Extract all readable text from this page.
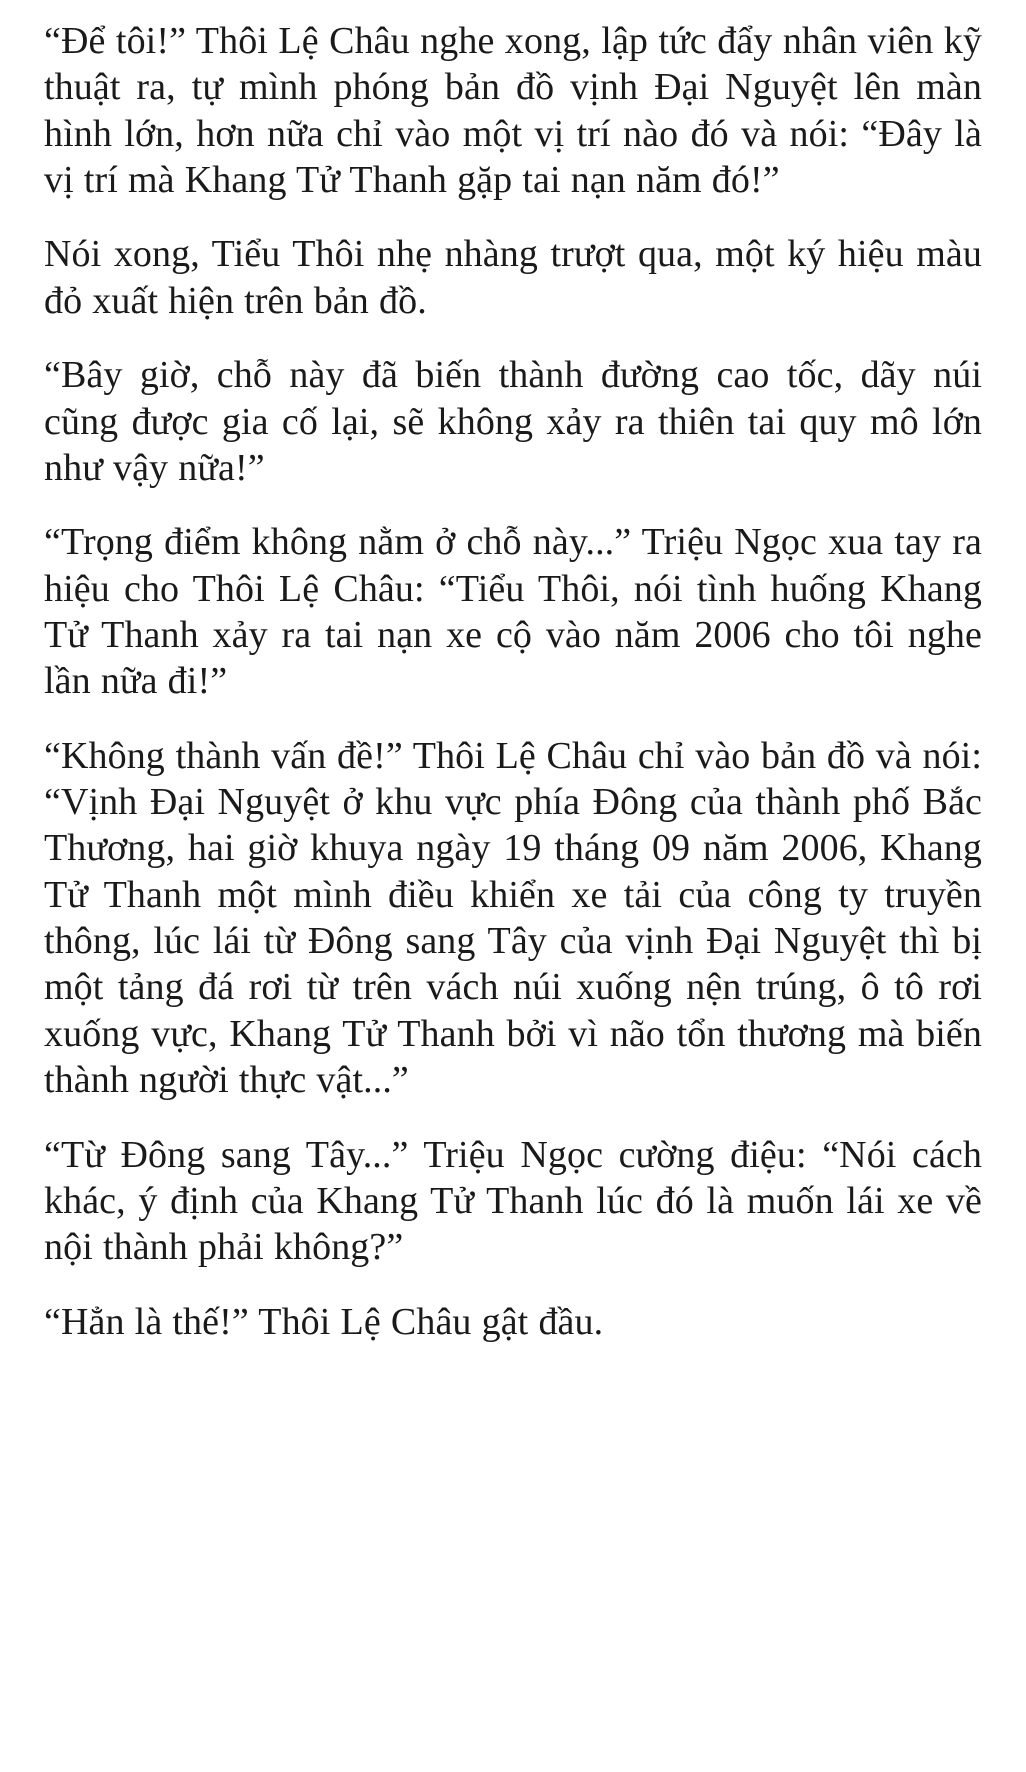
“Để tôi!” Thôi Lệ Châu nghe xong, lập tức đẩy nhân viên kỹ thuật ra, tự mình phóng bản đồ vịnh Đại Nguyệt lên màn hình lớn, hơn nữa chỉ vào một vị trí nào đó và nói: “Đây là vị trí mà Khang Tử Thanh gặp tai nạn năm đó!”

Nói xong, Tiểu Thôi nhẹ nhàng trượt qua, một ký hiệu màu đỏ xuất hiện trên bản đồ.

“Bây giờ, chỗ này đã biến thành đường cao tốc, dãy núi cũng được gia cố lại, sẽ không xảy ra thiên tai quy mô lớn như vậy nữa!”

“Trọng điểm không nằm ở chỗ này...” Triệu Ngọc xua tay ra hiệu cho Thôi Lệ Châu: “Tiểu Thôi, nói tình huống Khang Tử Thanh xảy ra tai nạn xe cộ vào năm 2006 cho tôi nghe lần nữa đi!”

“Không thành vấn đề!” Thôi Lệ Châu chỉ vào bản đồ và nói: “Vịnh Đại Nguyệt ở khu vực phía Đông của thành phố Bắc Thương, hai giờ khuya ngày 19 tháng 09 năm 2006, Khang Tử Thanh một mình điều khiển xe tải của công ty truyền thông, lúc lái từ Đông sang Tây của vịnh Đại Nguyệt thì bị một tảng đá rơi từ trên vách núi xuống nện trúng, ô tô rơi xuống vực, Khang Tử Thanh bởi vì não tổn thương mà biến thành người thực vật...”

“Từ Đông sang Tây...” Triệu Ngọc cường điệu: “Nói cách khác, ý định của Khang Tử Thanh lúc đó là muốn lái xe về nội thành phải không?”

“Hẳn là thế!” Thôi Lệ Châu gật đầu.
